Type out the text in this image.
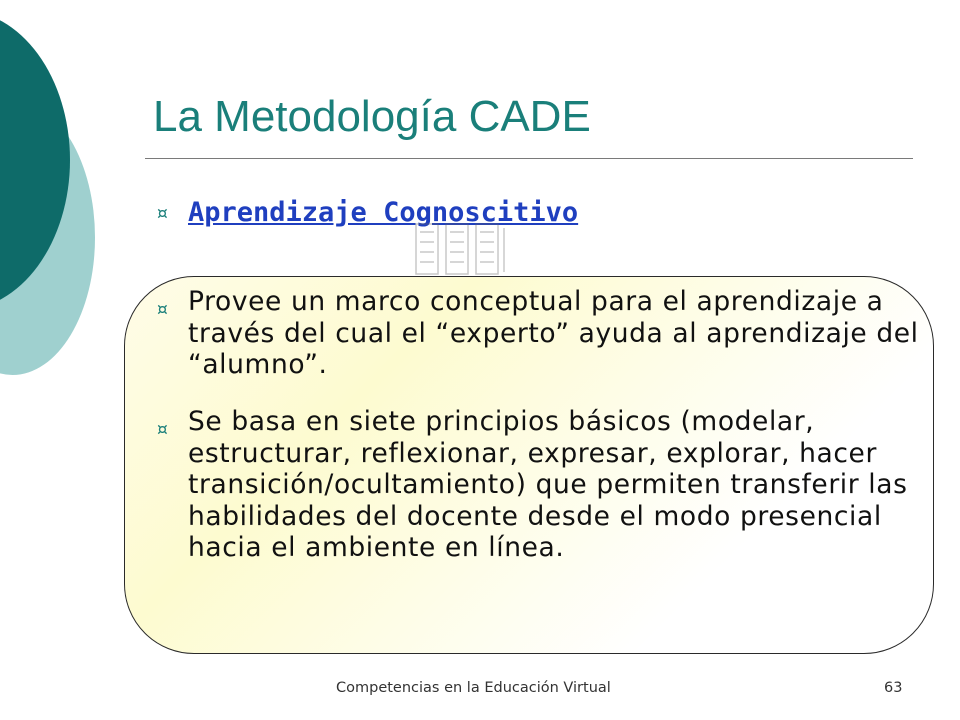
La Metodología CADE
¤ Aprendizaje Cognoscitivo
¤ Provee un marco conceptual para el aprendizaje a través del cual el “experto” ayuda al aprendizaje del “alumno”.
¤ Se basa en siete principios básicos (modelar, estructurar, reflexionar, expresar, explorar, hacer transición/ocultamiento) que permiten transferir las habilidades del docente desde el modo presencial hacia el ambiente en línea.
Competencias en la Educación Virtual	63
